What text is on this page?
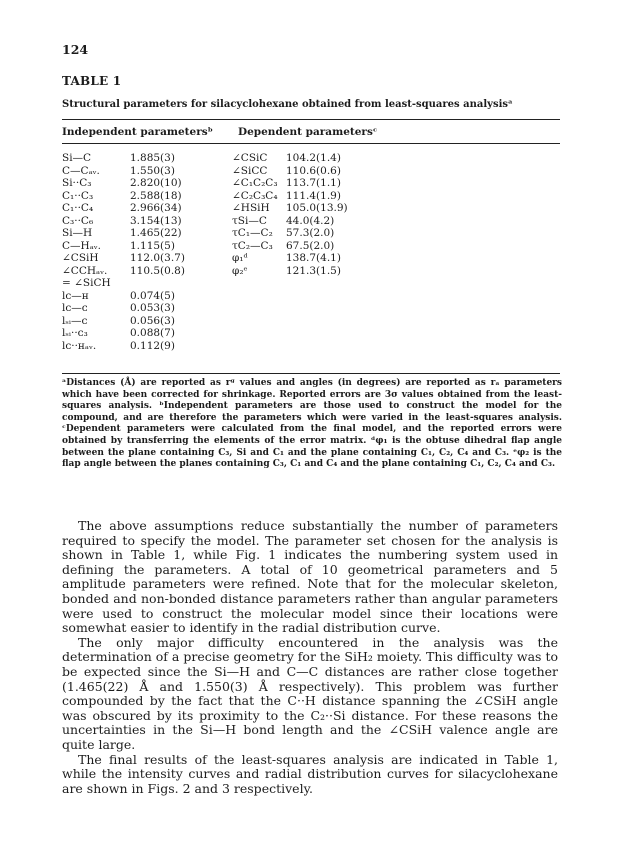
124
TABLE 1
Structural parameters for silacyclohexane obtained from least-squares analysisᵃ
Independent parametersᵇ Dependent parametersᶜ
Si—C	1.885(3)
C—Cₐᵥ.	1.550(3)
Si··C₃	2.820(10)
C₁··C₃	2.588(18)
C₁··C₄	2.966(34)
C₃··C₆	3.154(13)
Si—H	1.465(22)
C—Hₐᵥ.	1.115(5)
∠CSiH	112.0(3.7)
∠CCHₐᵥ.	110.5(0.8)
= ∠SiCH
lᴄ—ʜ	0.074(5)
lᴄ—ᴄ	0.053(3)
lₛᵢ—ᴄ	0.056(3)
lₛᵢ··ᴄ₃	0.088(7)
lᴄ··ʜₐᵥ.	0.112(9)
∠CSiC	104.2(1.4)
∠SiCC	110.6(0.6)
∠C₁C₂C₃ 113.7(1.1)
∠C₂C₃C₄ 111.4(1.9)
∠HSiH	105.0(13.9)
τSi—C	44.0(4.2)
τC₁—C₂	57.3(2.0)
τC₂—C₃	67.5(2.0)
φ₁ᵈ	138.7(4.1)
φ₂ᵉ	121.3(1.5)

ᵃDistances (Å) are reported as rᵍ values and angles (in degrees) are reported as rₐ parameters which have been corrected for shrinkage. Reported errors are 3σ values obtained from the least-squares analysis. ᵇIndependent parameters are those used to construct the model for the compound, and are therefore the parameters which were varied in the least-squares analysis. ᶜDependent parameters were calculated from the final model, and the reported errors were obtained by transferring the elements of the error matrix. ᵈφ₁ is the obtuse dihedral flap angle between the plane containing C₃, Si and C₁ and the plane containing C₁, C₂, C₄ and C₃. ᵉφ₂ is the flap angle between the planes containing C₃, C₁ and C₄ and the plane containing C₁, C₂, C₄ and C₃.

The above assumptions reduce substantially the number of parameters required to specify the model. The parameter set chosen for the analysis is shown in Table 1, while Fig. 1 indicates the numbering system used in defining the parameters. A total of 10 geometrical parameters and 5 amplitude parameters were refined. Note that for the molecular skeleton, bonded and non-bonded distance parameters rather than angular parameters were used to construct the molecular model since their locations were somewhat easier to identify in the radial distribution curve.

The only major difficulty encountered in the analysis was the determination of a precise geometry for the SiH₂ moiety. This difficulty was to be expected since the Si—H and C—C distances are rather close together (1.465(22) Å and 1.550(3) Å respectively). This problem was further compounded by the fact that the C··H distance spanning the ∠CSiH angle was obscured by its proximity to the C₂··Si distance. For these reasons the uncertainties in the Si—H bond length and the ∠CSiH valence angle are quite large.

The final results of the least-squares analysis are indicated in Table 1, while the intensity curves and radial distribution curves for silacyclohexane are shown in Figs. 2 and 3 respectively.
